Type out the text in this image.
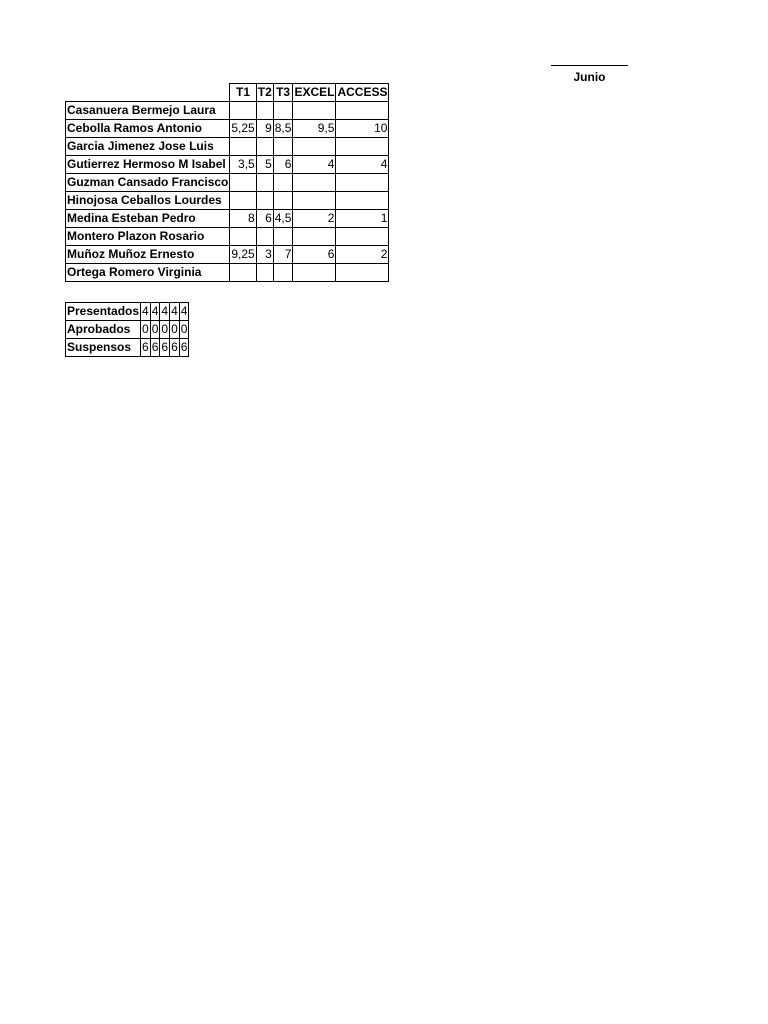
Junio
	T1	T2	T3	EXCEL	ACCESS
Casanuera Bermejo Laura					
Cebolla Ramos Antonio	5,25	9	8,5	9,5	10
Garcia Jimenez Jose Luis					
Gutierrez Hermoso M Isabel	3,5	5	6	4	4
Guzman Cansado Francisco					
Hinojosa Ceballos Lourdes					
Medina Esteban Pedro	8	6	4,5	2	1
Montero Plazon Rosario					
Muñoz Muñoz Ernesto	9,25	3	7	6	2
Ortega Romero Virginia					
Presentados	4	4	4	4	4
Aprobados	0	0	0	0	0
Suspensos	6	6	6	6	6
